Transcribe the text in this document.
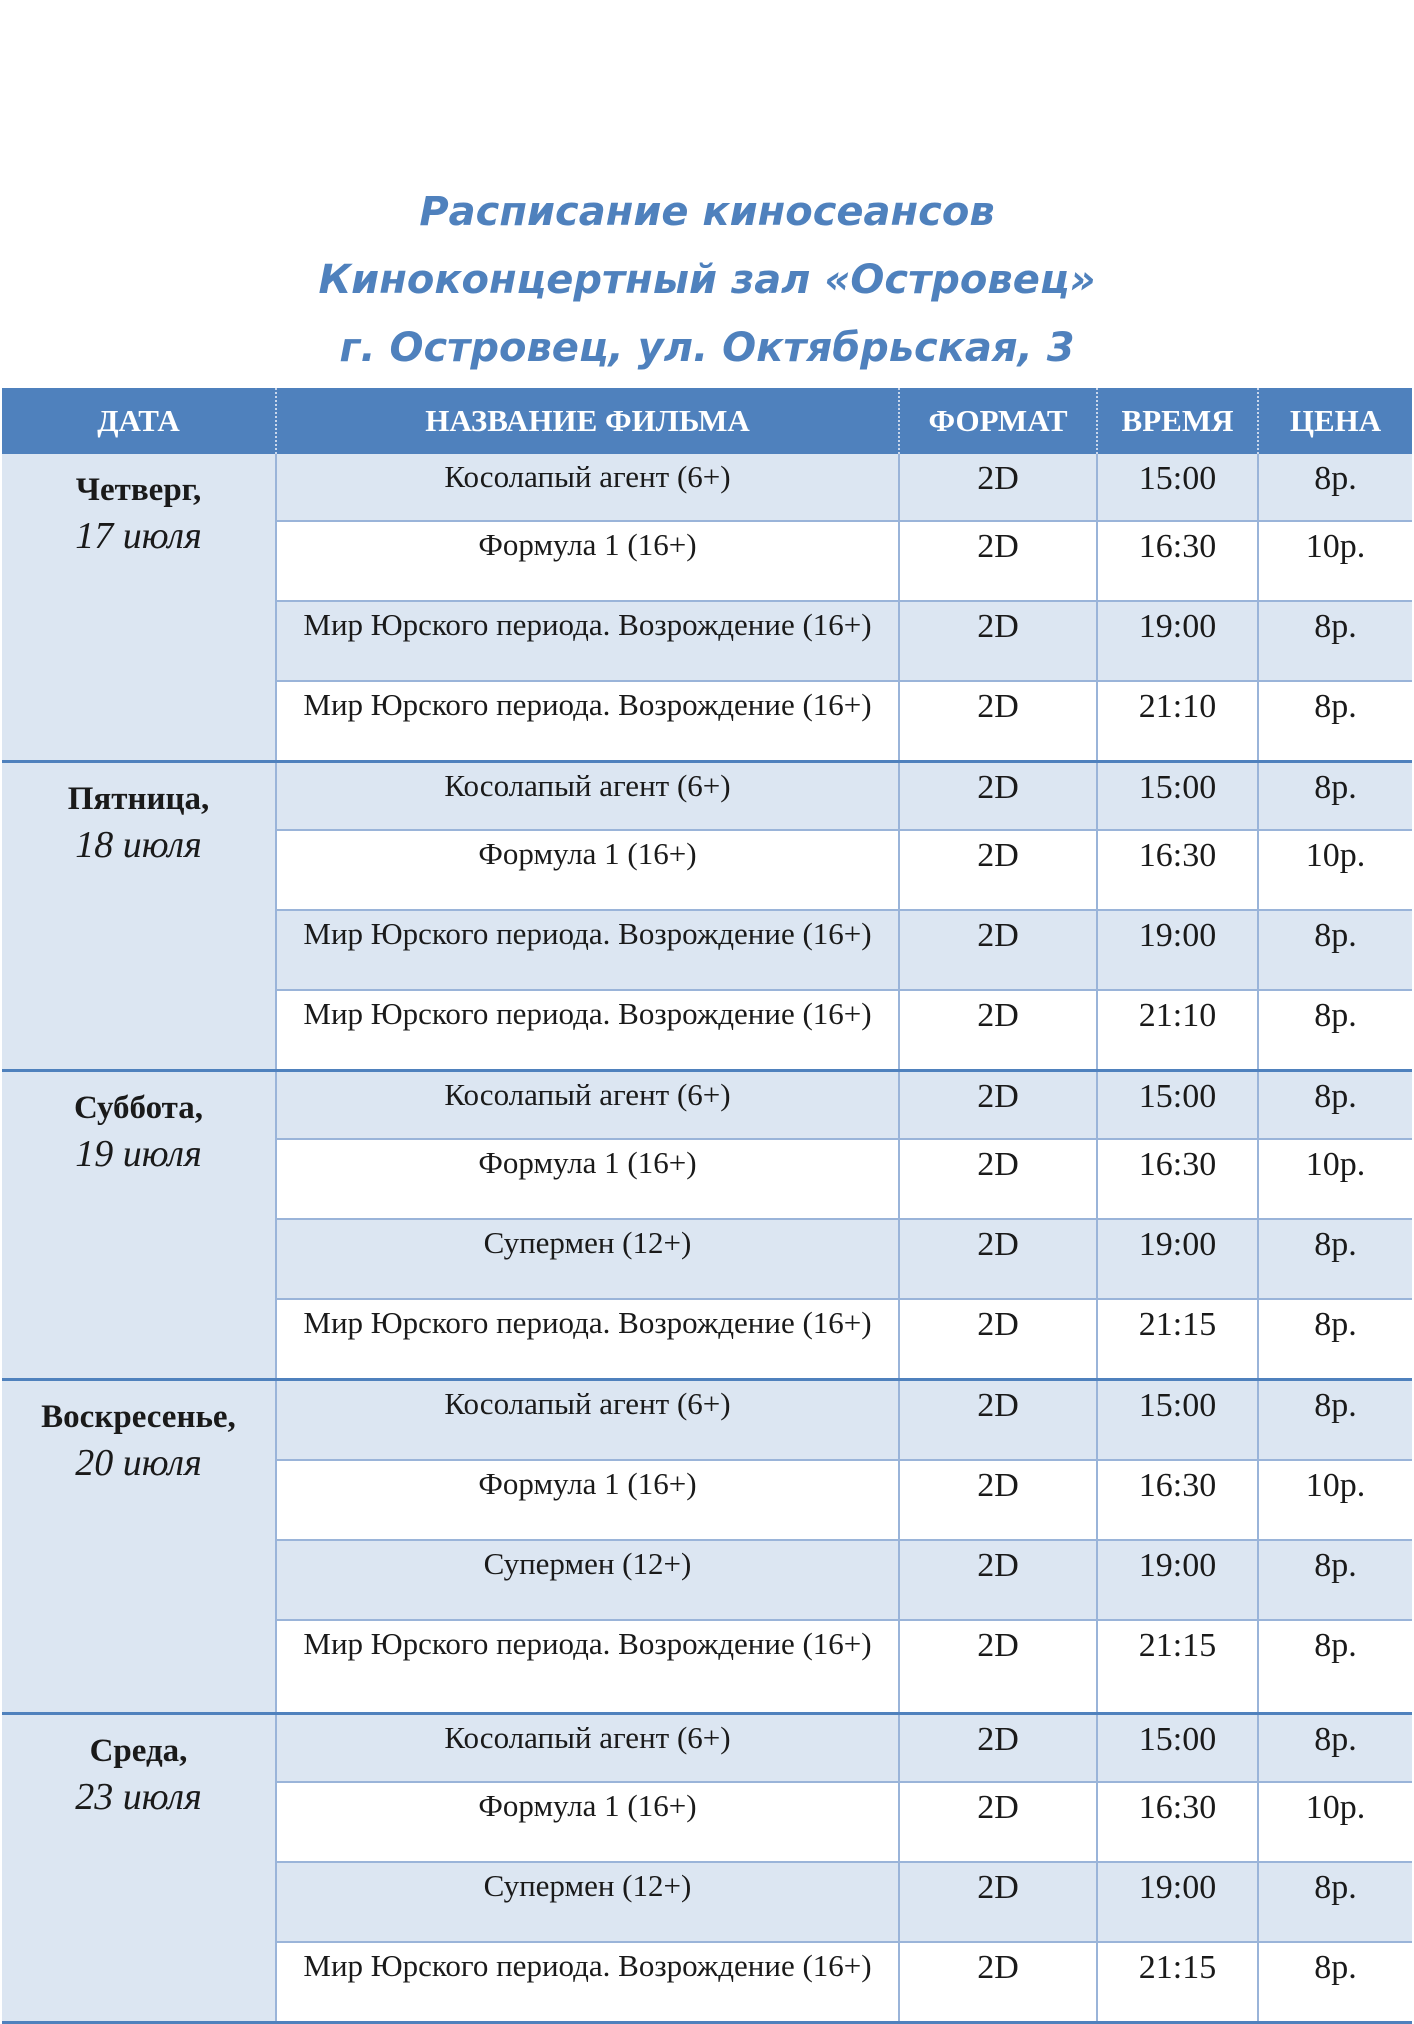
Расписание киносеансов
Киноконцертный зал «Островец»
г. Островец, ул. Октябрьская, 3
ДАТА	НАЗВАНИЕ ФИЛЬМА	ФОРМАТ	ВРЕМЯ	ЦЕНА

Четверг,
17 июля	Косолапый агент (6+)	2D	15:00	8р.
	Формула 1 (16+)	2D	16:30	10р.
	Мир Юрского периода. Возрождение (16+)	2D	19:00	8р.
	Мир Юрского периода. Возрождение (16+)	2D	21:10	8р.

Пятница,
18 июля	Косолапый агент (6+)	2D	15:00	8р.
	Формула 1 (16+)	2D	16:30	10р.
	Мир Юрского периода. Возрождение (16+)	2D	19:00	8р.
	Мир Юрского периода. Возрождение (16+)	2D	21:10	8р.

Суббота,
19 июля	Косолапый агент (6+)	2D	15:00	8р.
	Формула 1 (16+)	2D	16:30	10р.
	Супермен (12+)	2D	19:00	8р.
	Мир Юрского периода. Возрождение (16+)	2D	21:15	8р.

Воскресенье,
20 июля	Косолапый агент (6+)	2D	15:00	8р.
	Формула 1 (16+)	2D	16:30	10р.
	Супермен (12+)	2D	19:00	8р.
	Мир Юрского периода. Возрождение (16+)	2D	21:15	8р.

Среда,
23 июля	Косолапый агент (6+)	2D	15:00	8р.
	Формула 1 (16+)	2D	16:30	10р.
	Супермен (12+)	2D	19:00	8р.
	Мир Юрского периода. Возрождение (16+)	2D	21:15	8р.
